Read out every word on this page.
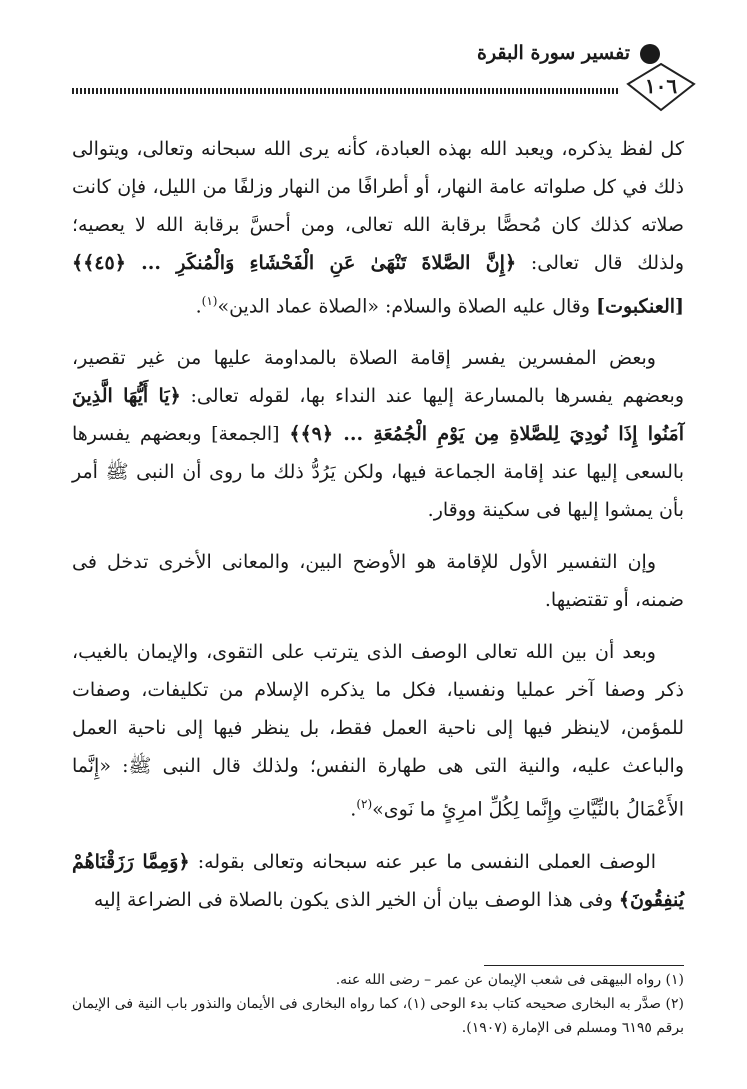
تفسير سورة البقرة
١٠٦

كل لفظ يذكره، ويعبد الله بهذه العبادة، كأنه يرى الله سبحانه وتعالى، ويتوالى ذلك في كل صلواته عامة النهار، أو أطرافًا من النهار وزلفًا من الليل، فإن كانت صلاته كذلك كان مُحصًّا برقابة الله تعالى، ومن أحسَّ برقابة الله لا يعصيه؛ ولذلك قال تعالى: ﴿إِنَّ الصَّلاةَ تَنْهَىٰ عَنِ الْفَحْشَاءِ وَالْمُنكَرِ ... ﴿٤٥﴾﴾ [العنكبوت] وقال عليه الصلاة والسلام: «الصلاة عماد الدين»$^{(١)}$.

وبعض المفسرين يفسر إقامة الصلاة بالمداومة عليها من غير تقصير، وبعضهم يفسرها بالمسارعة إليها عند النداء بها، لقوله تعالى: ﴿يَا أَيُّهَا الَّذِينَ آمَنُوا إِذَا نُودِيَ لِلصَّلاةِ مِن يَوْمِ الْجُمُعَةِ ... ﴿٩﴾﴾ [الجمعة] وبعضهم يفسرها بالسعى إليها عند إقامة الجماعة فيها، ولكن يَرُدُّ ذلك ما روى أن النبى ﷺ أمر بأن يمشوا إليها فى سكينة ووقار.

وإن التفسير الأول للإقامة هو الأوضح البين، والمعانى الأخرى تدخل فى ضمنه، أو تقتضيها.

وبعد أن بين الله تعالى الوصف الذى يترتب على التقوى، والإيمان بالغيب، ذكر وصفا آخر عمليا ونفسيا، فكل ما يذكره الإسلام من تكليفات، وصفات للمؤمن، لاينظر فيها إلى ناحية العمل فقط، بل ينظر فيها إلى ناحية العمل والباعث عليه، والنية التى هى طهارة النفس؛ ولذلك قال النبى ﷺ: «إِنَّما الأَعْمَالُ بالنِّيَّاتِ وإِنَّما لِكُلِّ امرِئٍ ما نَوى»$^{(٢)}$.

الوصف العملى النفسى ما عبر عنه سبحانه وتعالى بقوله: ﴿وَمِمَّا رَزَقْنَاهُمْ يُنفِقُونَ﴾ وفى هذا الوصف بيان أن الخير الذى يكون بالصلاة فى الضراعة إليه

(١) رواه البيهقى فى شعب الإيمان عن عمر – رضى الله عنه.
(٢) صدَّر به البخارى صحيحه كتاب بدء الوحى (١)، كما رواه البخارى فى الأيمان والنذور باب النية فى الإيمان برقم ٦١٩٥ ومسلم فى الإمارة (١٩٠٧).
